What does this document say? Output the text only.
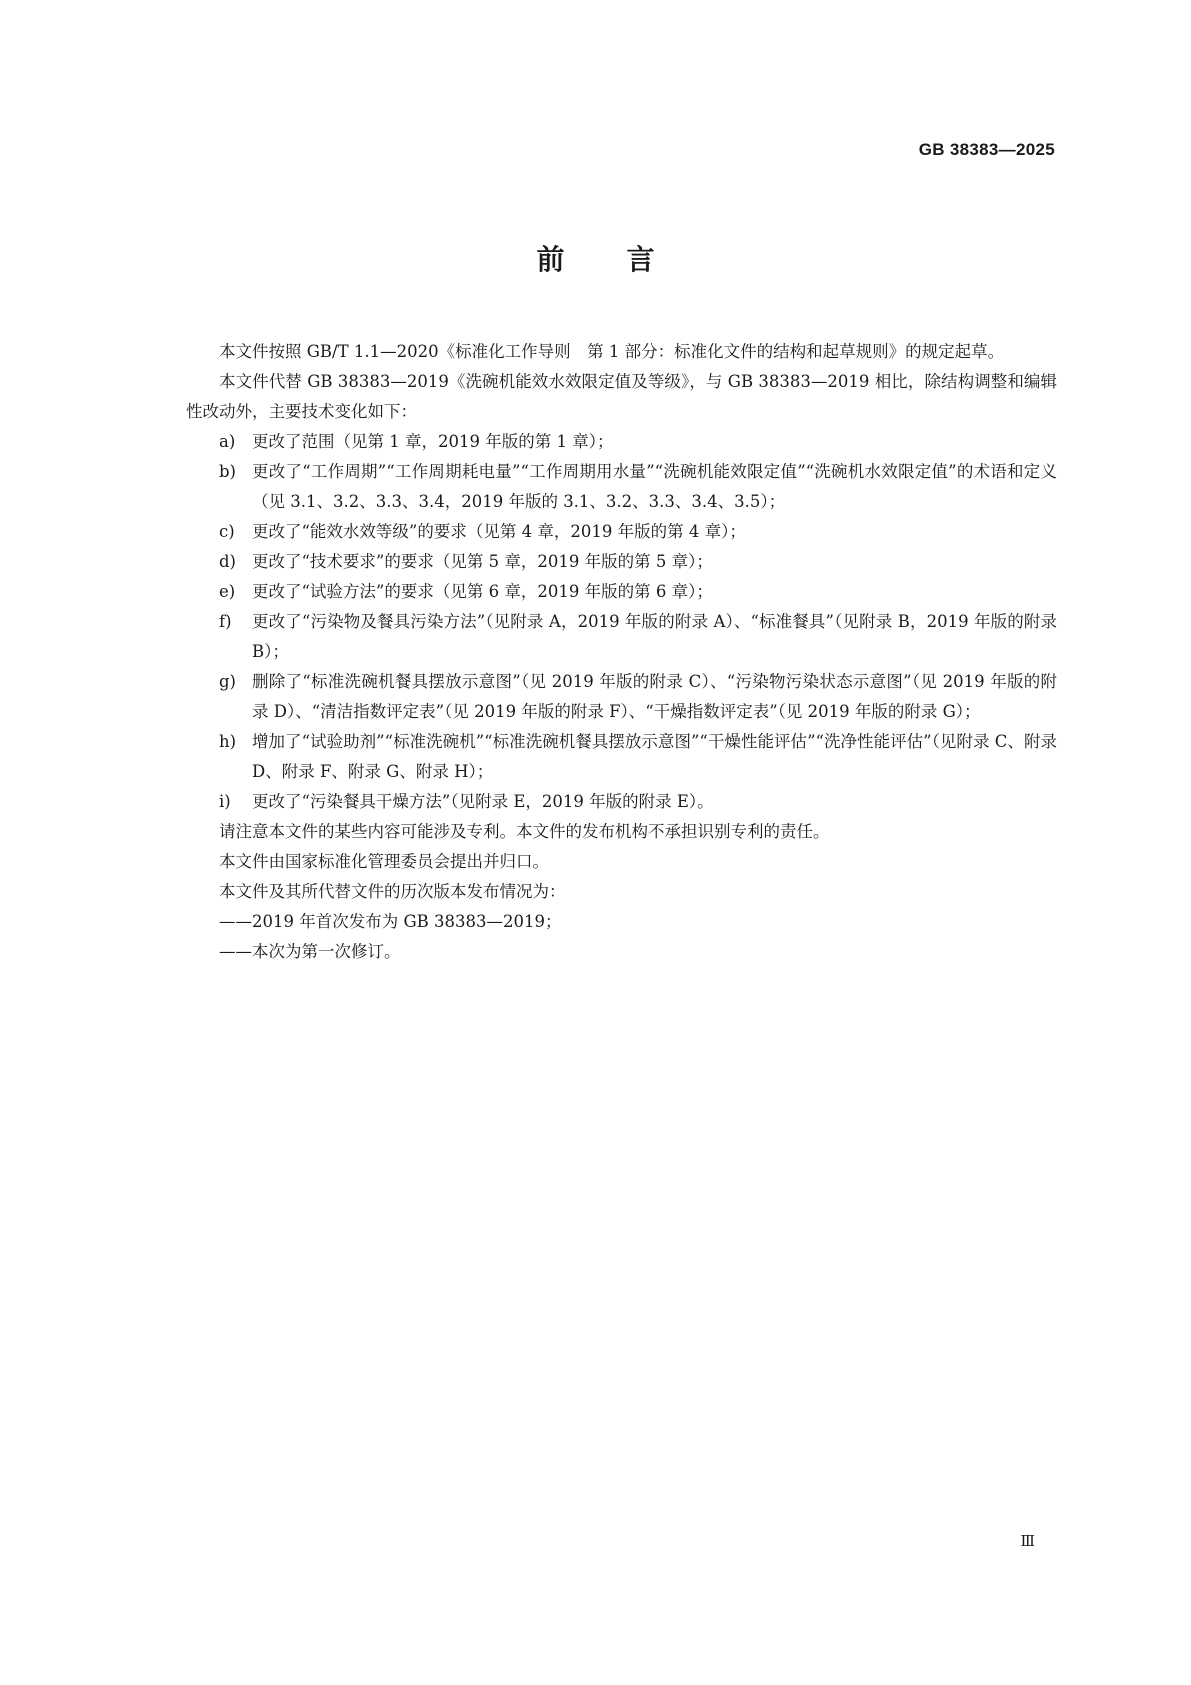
GB 38383—2025
前言

本文件按照 GB/T 1.1—2020《标准化工作导则　第 1 部分：标准化文件的结构和起草规则》的规定起草。

本文件代替 GB 38383—2019《洗碗机能效水效限定值及等级》，与 GB 38383—2019 相比，除结构调整和编辑性改动外，主要技术变化如下：

a)	更改了范围（见第 1 章，2019 年版的第 1 章）；
b) 更改了“工作周期”“工作周期耗电量”“工作周期用水量”“洗碗机能效限定值”“洗碗机水效限定值”的术语和定义（见 3.1、3.2、3.3、3.4，2019 年版的 3.1、3.2、3.3、3.4、3.5）；
c)	更改了“能效水效等级”的要求（见第 4 章，2019 年版的第 4 章）；
d) 更改了“技术要求”的要求（见第 5 章，2019 年版的第 5 章）；
e)	更改了“试验方法”的要求（见第 6 章，2019 年版的第 6 章）；
f)	更改了“污染物及餐具污染方法”（见附录 A，2019 年版的附录 A）、“标准餐具”（见附录 B，2019 年版的附录 B）；
g) 删除了“标准洗碗机餐具摆放示意图”（见 2019 年版的附录 C）、“污染物污染状态示意图”（见 2019 年版的附录 D）、“清洁指数评定表”（见 2019 年版的附录 F）、“干燥指数评定表”（见 2019 年版的附录 G）；
h) 增加了“试验助剂”“标准洗碗机”“标准洗碗机餐具摆放示意图”“干燥性能评估”“洗净性能评估”（见附录 C、附录 D、附录 F、附录 G、附录 H）；
i)	更改了“污染餐具干燥方法”（见附录 E，2019 年版的附录 E）。

请注意本文件的某些内容可能涉及专利。本文件的发布机构不承担识别专利的责任。

本文件由国家标准化管理委员会提出并归口。

本文件及其所代替文件的历次版本发布情况为：

——2019 年首次发布为 GB 38383—2019；

——本次为第一次修订。

Ⅲ
